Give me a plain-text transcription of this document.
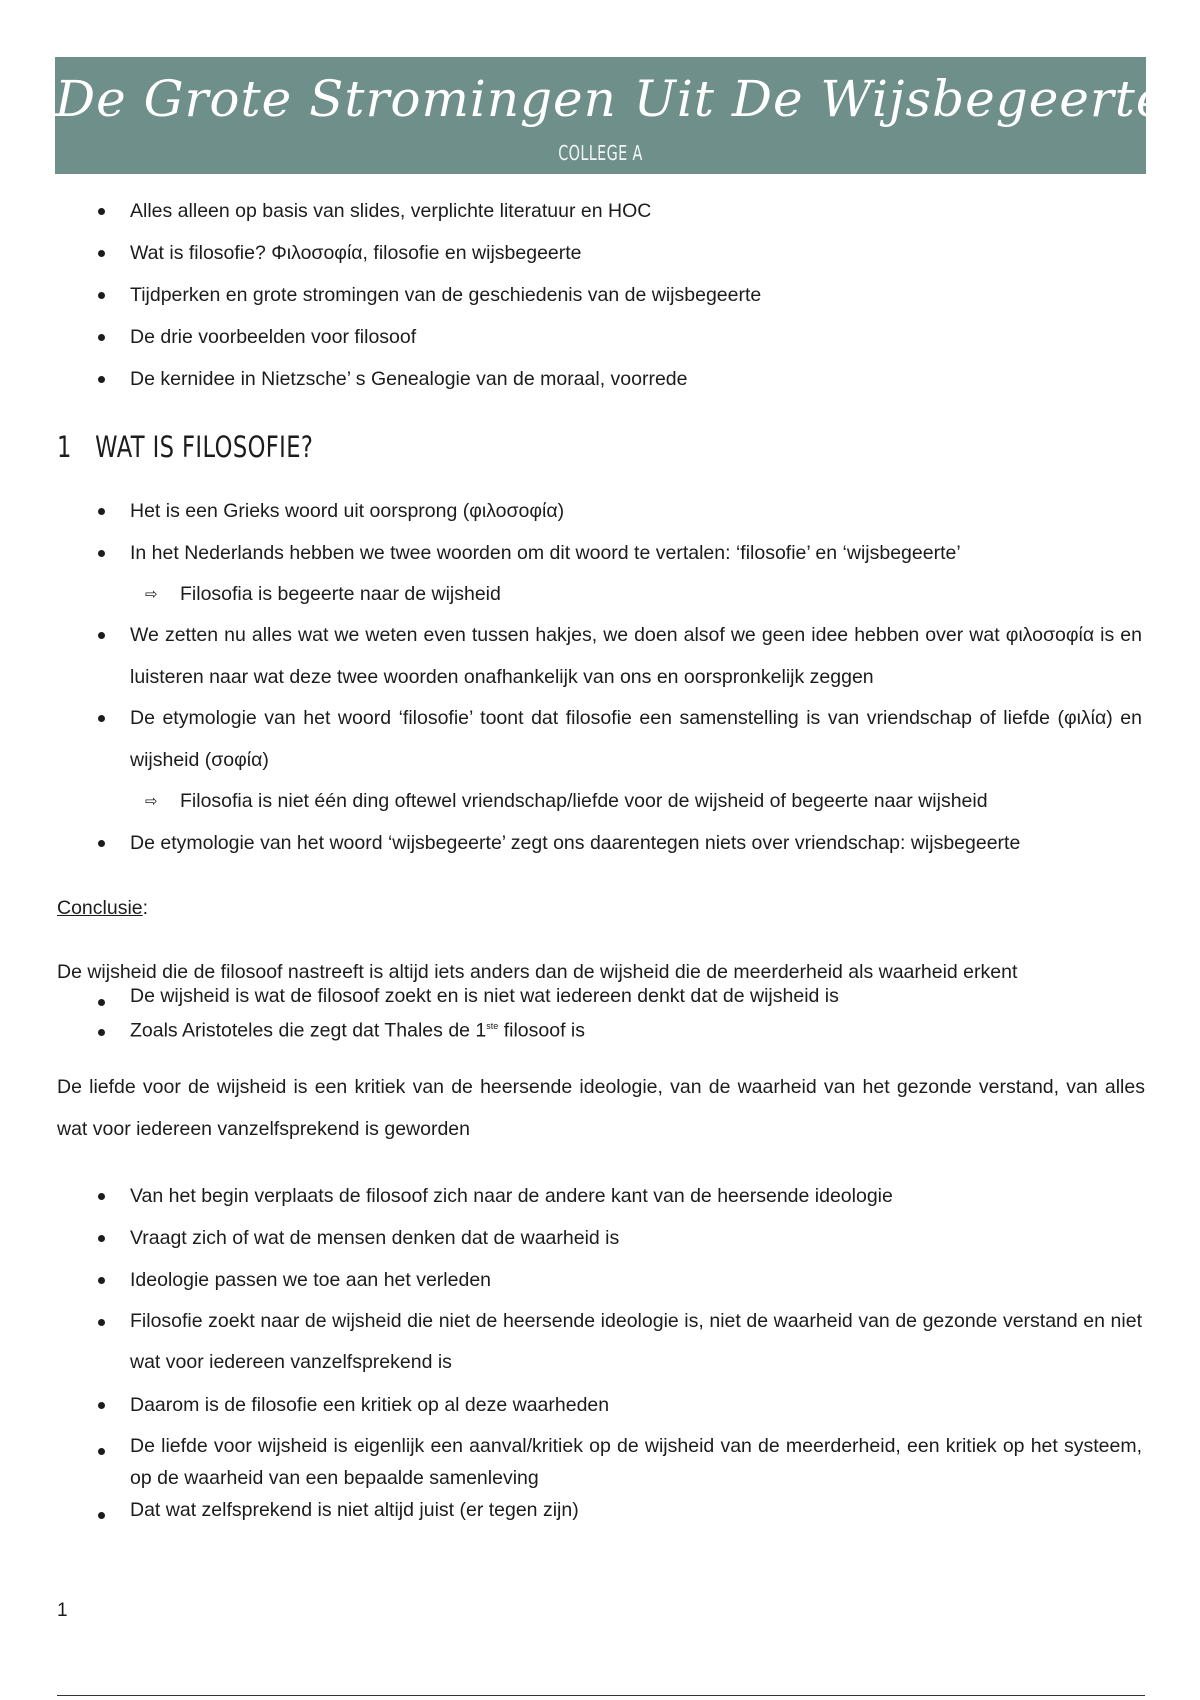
De Grote Stromingen Uit De Wijsbegeerte
COLLEGE A
Alles alleen op basis van slides, verplichte literatuur en HOC
Wat is filosofie? Φιλοσοφία, filosofie en wijsbegeerte
Tijdperken en grote stromingen van de geschiedenis van de wijsbegeerte
De drie voorbeelden voor filosoof
De kernidee in Nietzsche’ s Genealogie van de moraal, voorrede
1 WAT IS FILOSOFIE?
Het is een Grieks woord uit oorsprong (φιλοσοφία)
In het Nederlands hebben we twee woorden om dit woord te vertalen: ‘filosofie’ en ‘wijsbegeerte’
⇨ Filosofia is begeerte naar de wijsheid
We zetten nu alles wat we weten even tussen hakjes, we doen alsof we geen idee hebben over wat φιλοσοφία is en luisteren naar wat deze twee woorden onafhankelijk van ons en oorspronkelijk zeggen
De etymologie van het woord ‘filosofie’ toont dat filosofie een samenstelling is van vriendschap of liefde (φιλία) en wijsheid (σοφία)
⇨ Filosofia is niet één ding oftewel vriendschap/liefde voor de wijsheid of begeerte naar wijsheid
De etymologie van het woord ‘wijsbegeerte’ zegt ons daarentegen niets over vriendschap: wijsbegeerte
Conclusie:
De wijsheid die de filosoof nastreeft is altijd iets anders dan de wijsheid die de meerderheid als waarheid erkent
De wijsheid is wat de filosoof zoekt en is niet wat iedereen denkt dat de wijsheid is
Zoals Aristoteles die zegt dat Thales de 1ste filosoof is
De liefde voor de wijsheid is een kritiek van de heersende ideologie, van de waarheid van het gezonde verstand, van alles wat voor iedereen vanzelfsprekend is geworden
Van het begin verplaats de filosoof zich naar de andere kant van de heersende ideologie
Vraagt zich of wat de mensen denken dat de waarheid is
Ideologie passen we toe aan het verleden
Filosofie zoekt naar de wijsheid die niet de heersende ideologie is, niet de waarheid van de gezonde verstand en niet wat voor iedereen vanzelfsprekend is
Daarom is de filosofie een kritiek op al deze waarheden
De liefde voor wijsheid is eigenlijk een aanval/kritiek op de wijsheid van de meerderheid, een kritiek op het systeem, op de waarheid van een bepaalde samenleving
Dat wat zelfsprekend is niet altijd juist (er tegen zijn)
1
